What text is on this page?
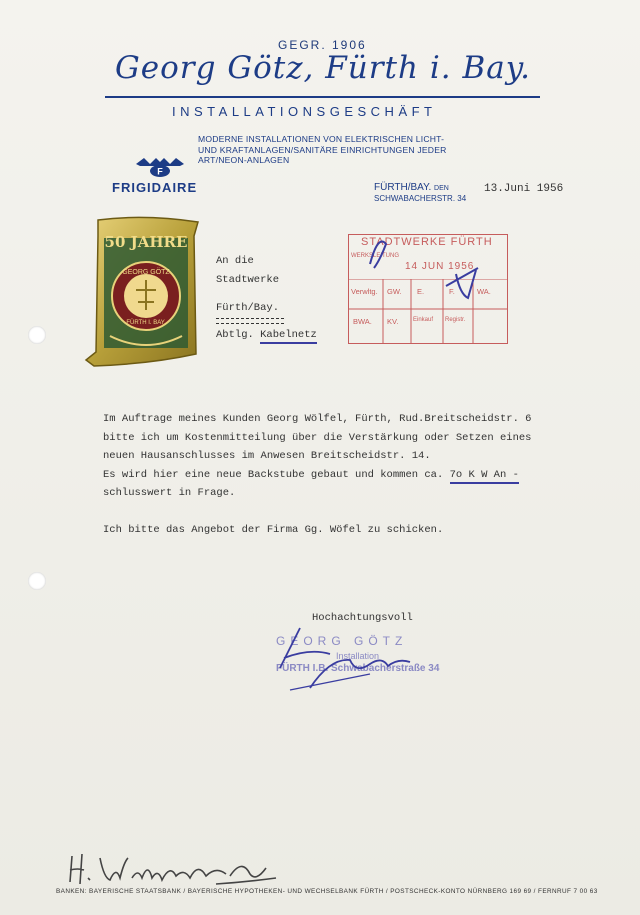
GEGR. 1906
Georg Götz, Fürth i. Bay.
INSTALLATIONSGESCHÄFT
MODERNE INSTALLATIONEN VON ELEKTRISCHEN LICHT-
UND KRAFTANLAGEN/SANITÄRE EINRICHTUNGEN JEDER
ART/NEON-ANLAGEN
F
FRIGIDAIRE	FÜRTH/BAY. DEN
SCHWABACHERSTR. 34
13.Juni 1956
50 JAHRE
GEORG GÖTZ
FÜRTH I. BAY.
An die
Stadtwerke
Fürth/Bay.
Abtlg. Kabelnetz
STADTWERKE FÜRTH
WERKSLEITUNG
14 JUN 1956
Verwltg. GW. E.	F.	WA.
BWA. KV. Einkauf Registr.

Im Auftrage meines Kunden Georg Wölfel, Fürth, Rud.Breitscheidstr. 6

bitte ich um Kostenmitteilung über die Verstärkung oder Setzen eines

neuen Hausanschlusses im Anwesen Breitscheidstr. 14.

Es wird hier eine neue Backstube gebaut und kommen ca. 7o K W An -

schlusswert in Frage.

Ich bitte das Angebot der Firma Gg. Wöfel zu schicken.

Hochachtungsvoll
GEORG GÖTZ
Installation
FÜRTH I.B. Schwabacherstraße 34
BANKEN: BAYERISCHE STAATSBANK / BAYERISCHE HYPOTHEKEN- UND WECHSELBANK FÜRTH / POSTSCHECK-KONTO NÜRNBERG 169 69 / FERNRUF 7 00 63
